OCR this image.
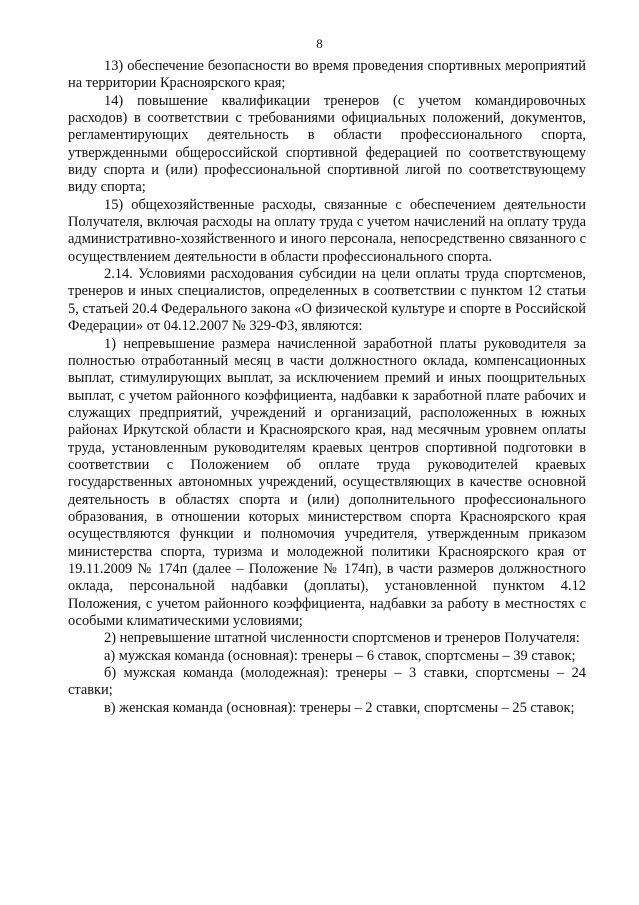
8

13) обеспечение безопасности во время проведения спортивных мероприятий на территории Красноярского края;

14) повышение квалификации тренеров (с учетом командировочных расходов) в соответствии с требованиями официальных положений, документов, регламентирующих деятельность в области профессионального спорта, утвержденными общероссийской спортивной федерацией по соответствующему виду спорта и (или) профессиональной спортивной лигой по соответствующему виду спорта;

15) общехозяйственные расходы, связанные с обеспечением деятельности Получателя, включая расходы на оплату труда с учетом начислений на оплату труда административно-хозяйственного и иного персонала, непосредственно связанного с осуществлением деятельности в области профессионального спорта.

2.14. Условиями расходования субсидии на цели оплаты труда спортсменов, тренеров и иных специалистов, определенных в соответствии с пунктом 12 статьи 5, статьей 20.4 Федерального закона «О физической культуре и спорте в Российской Федерации» от 04.12.2007 № 329-ФЗ, являются:

1) непревышение размера начисленной заработной платы руководителя за полностью отработанный месяц в части должностного оклада, компенсационных выплат, стимулирующих выплат, за исключением премий и иных поощрительных выплат, с учетом районного коэффициента, надбавки к заработной плате рабочих и служащих предприятий, учреждений и организаций, расположенных в южных районах Иркутской области и Красноярского края, над месячным уровнем оплаты труда, установленным руководителям краевых центров спортивной подготовки в соответствии с Положением об оплате труда руководителей краевых государственных автономных учреждений, осуществляющих в качестве основной деятельность в областях спорта и (или) дополнительного профессионального образования, в отношении которых министерством спорта Красноярского края осуществляются функции и полномочия учредителя, утвержденным приказом министерства спорта, туризма и молодежной политики Красноярского края от 19.11.2009 № 174п (далее – Положение № 174п), в части размеров должностного оклада, персональной надбавки (доплаты), установленной пунктом 4.12 Положения, с учетом районного коэффициента, надбавки за работу в местностях с особыми климатическими условиями;

2) непревышение штатной численности спортсменов и тренеров Получателя:

а) мужская команда (основная): тренеры – 6 ставок, спортсмены – 39 ставок;

б) мужская команда (молодежная): тренеры – 3 ставки, спортсмены – 24 ставки;

в) женская команда (основная): тренеры – 2 ставки, спортсмены – 25 ставок;
